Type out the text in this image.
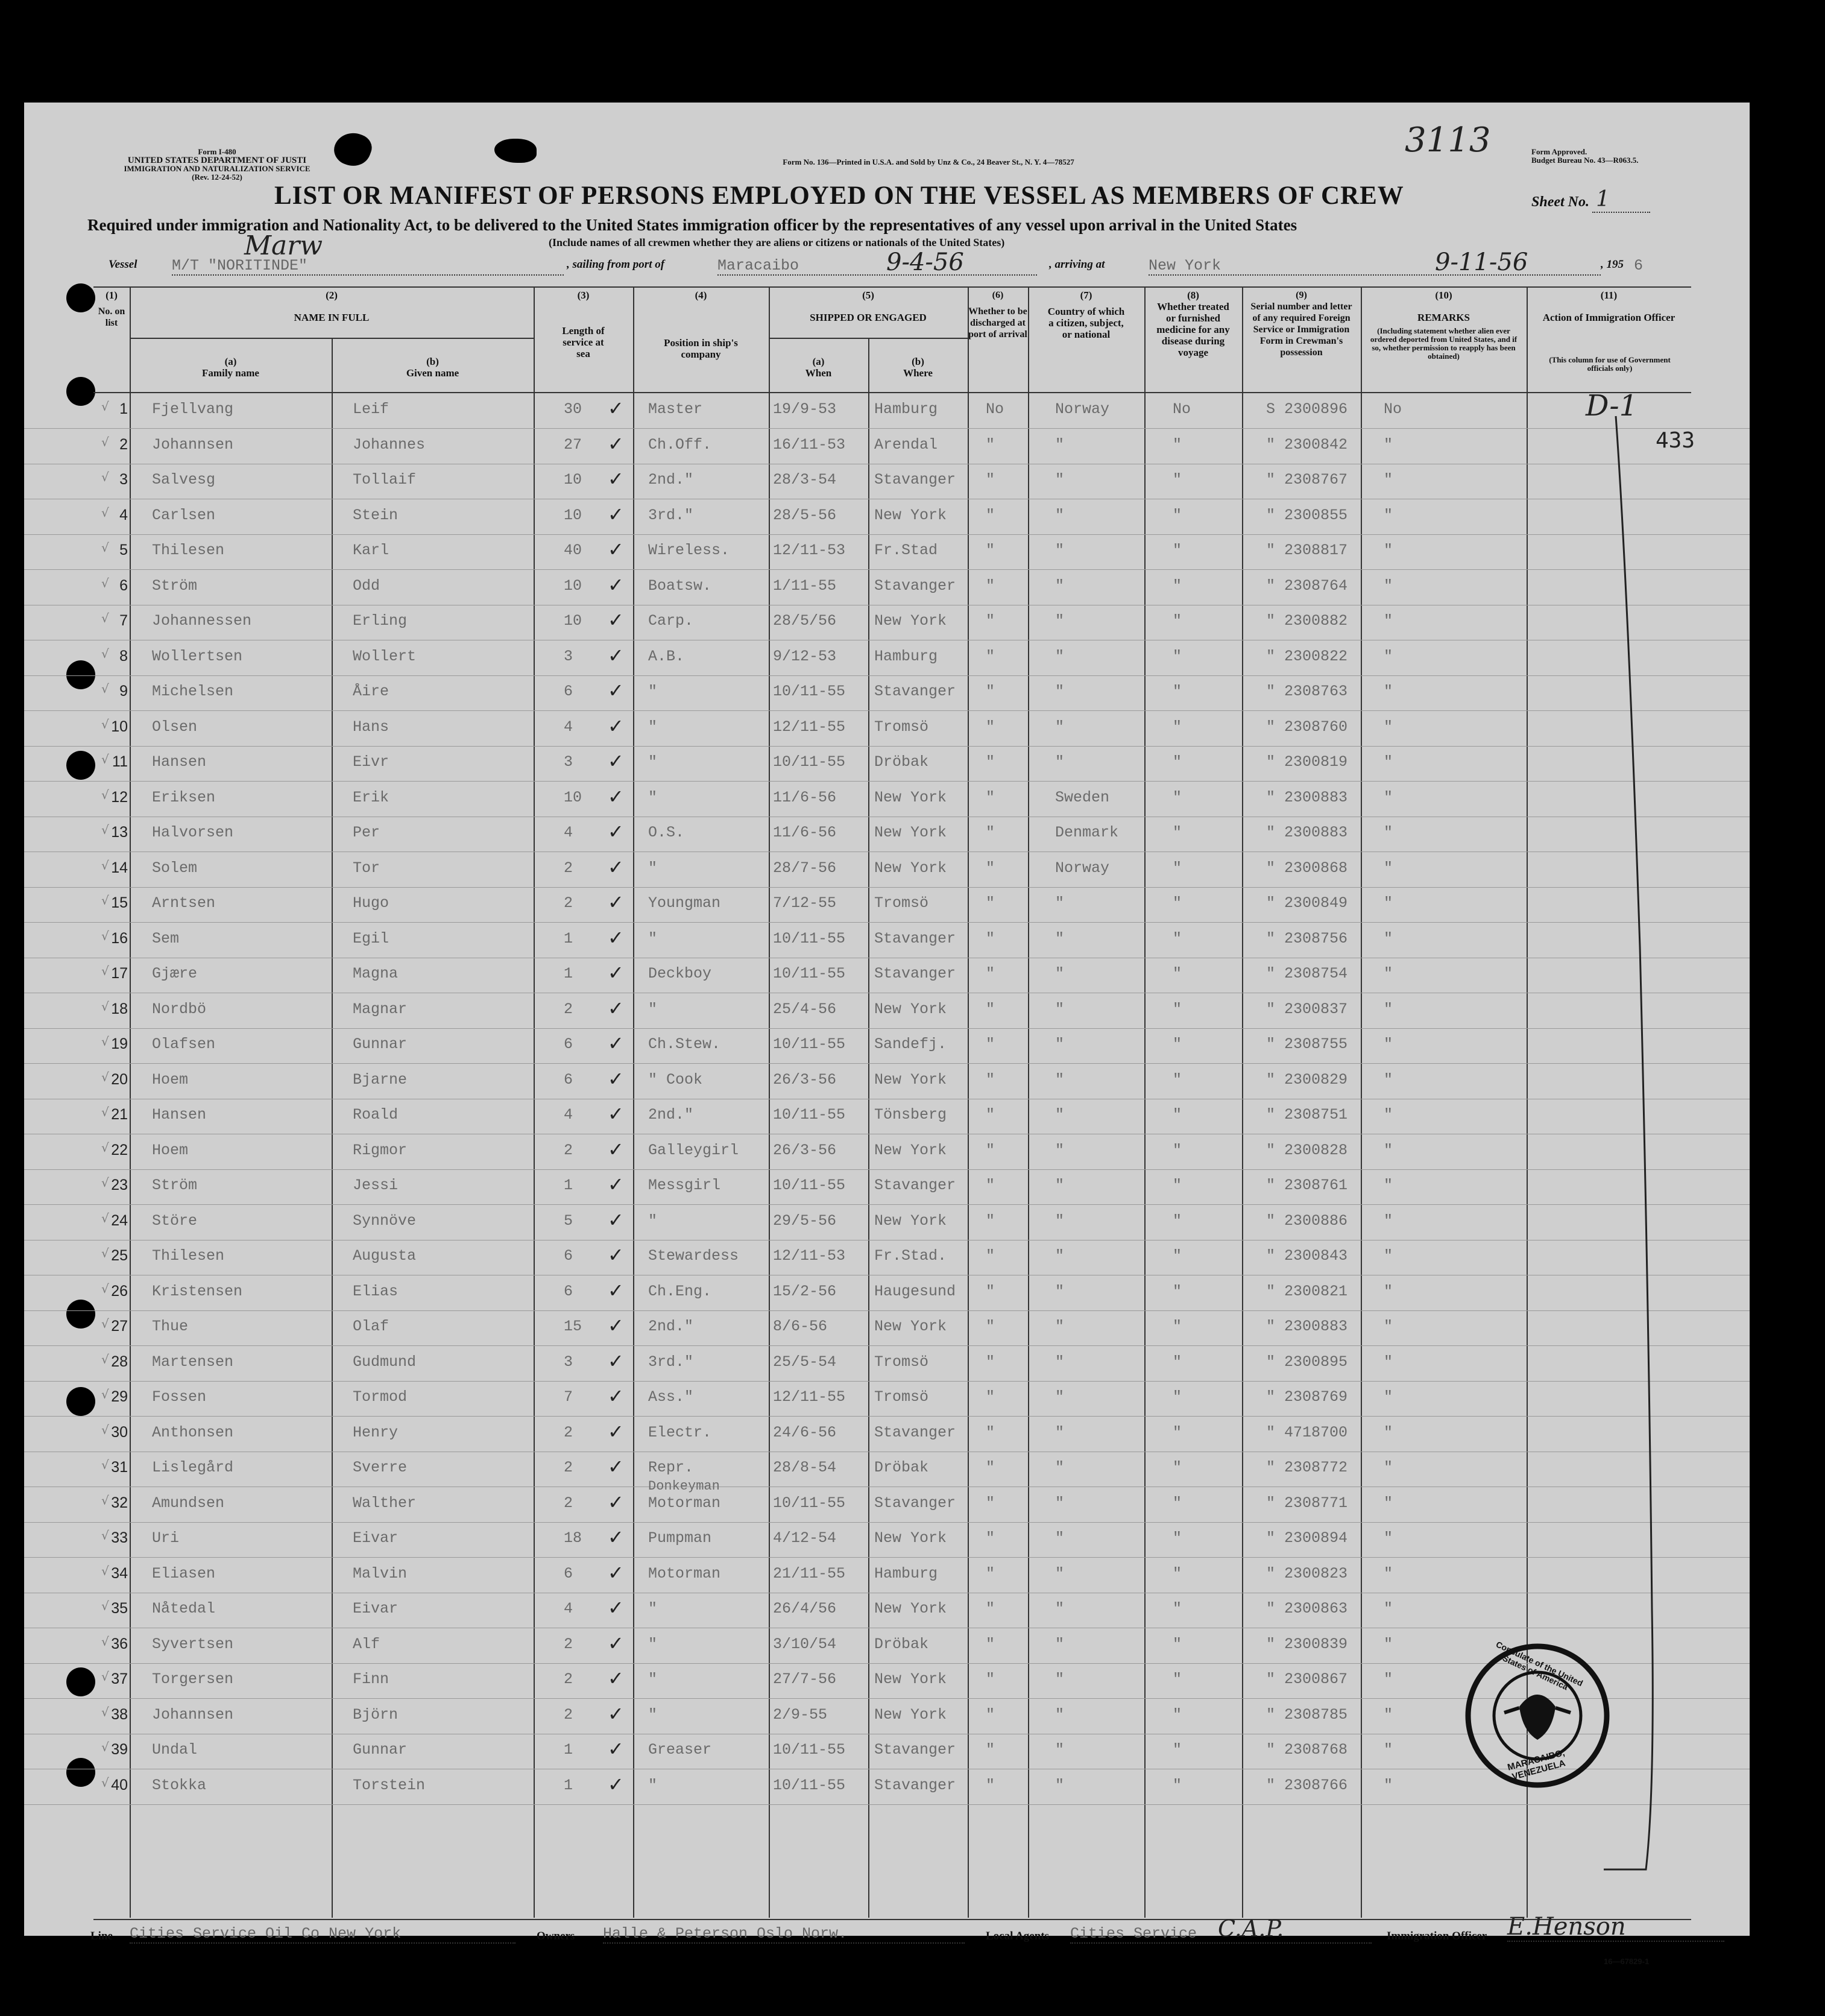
Form I-480
UNITED STATES DEPARTMENT OF JUSTI
IMMIGRATION AND NATURALIZATION SERVICE
(Rev. 12-24-52)
Form No. 136—Printed in U.S.A. and Sold by Unz & Co., 24 Beaver St., N. Y. 4—78527
3113	Form Approved.
Budget Bureau No. 43—R063.5.
LIST OR MANIFEST OF PERSONS EMPLOYED ON THE VESSEL AS MEMBERS OF CREW	Sheet No. 1
Required under immigration and Nationality Act, to be delivered to the United States immigration officer by the representatives of any vessel upon arrival in the United States
(Include names of all crewmen whether they are aliens or citizens or nationals of the United States)
Vessel
Marw
M/T "NORITINDE"	, sailing from port of	Maracaibo	9-4-56	, arriving at	New York	9-11-56	, 195 6
(1)
No. on list
(2)
NAME IN FULL
(a)
Family name
(b)
Given name
(3)
Length of service at sea
(4)
Position in ship's company
(5)
SHIPPED OR ENGAGED
(a)
When
(b)
Where
(6)
Whether to be discharged at port of arrival
(7)
Country of which a citizen, subject, or national
(8)
Whether treated or furnished medicine for any disease during voyage
(9)
Serial number and letter of any required Foreign Service or Immigration Form in Crewman's possession
(10)
REMARKS
(Including statement whether alien ever ordered deported from United States, and if so, whether permission to reapply has been obtained)
(11)
Action of Immigration Officer
(This column for use of Government officials only)
1
√	Fjellvang	Leif	30	Master	19/9-53	Hamburg	No	Norway	No	S 2300896	No
✓
2
√	Johannsen	Johannes	27	Ch.Off.	16/11-53	Arendal	"	"	"	" 2300842	"
✓
3
√	Salvesg	Tollaif	10	2nd."	28/3-54	Stavanger	"	"	"	" 2308767	"
✓
4
√	Carlsen	Stein	10	3rd."	28/5-56	New York	"	"	"	" 2300855	"
✓
5
√	Thilesen	Karl	40	Wireless.	12/11-53	Fr.Stad	"	"	"	" 2308817	"
✓
6
√	Ström	Odd	10	Boatsw.	1/11-55	Stavanger	"	"	"	" 2308764	"
✓
7
√	Johannessen	Erling	10	Carp.	28/5/56	New York	"	"	"	" 2300882	"
✓
8
√	Wollertsen	Wollert	3	A.B.	9/12-53	Hamburg	"	"	"	" 2300822	"
✓
9
√	Michelsen	Åire	6	"	10/11-55	Stavanger	"	"	"	" 2308763	"
✓
10
√	Olsen	Hans	4	"	12/11-55	Tromsö	"	"	"	" 2308760	"
✓
11
√	Hansen	Eivr	3	"	10/11-55	Dröbak	"	"	"	" 2300819	"
✓
12
√	Eriksen	Erik	10	"	11/6-56	New York	"	Sweden	"	" 2300883	"
✓
13
√	Halvorsen	Per	4	O.S.	11/6-56	New York	"	Denmark	"	" 2300883	"
✓
14
√	Solem	Tor	2	"	28/7-56	New York	"	Norway	"	" 2300868	"
✓
15
√	Arntsen	Hugo	2	Youngman	7/12-55	Tromsö	"	"	"	" 2300849	"
✓
16
√	Sem	Egil	1	"	10/11-55	Stavanger	"	"	"	" 2308756	"
✓
17
√	Gjære	Magna	1	Deckboy	10/11-55	Stavanger	"	"	"	" 2308754	"
✓
18
√	Nordbö	Magnar	2	"	25/4-56	New York	"	"	"	" 2300837	"
✓
19
√	Olafsen	Gunnar	6	Ch.Stew.	10/11-55	Sandefj.	"	"	"	" 2308755	"
✓
20
√	Hoem	Bjarne	6	" Cook	26/3-56	New York	"	"	"	" 2300829	"
✓
21
√	Hansen	Roald	4	2nd."	10/11-55	Tönsberg	"	"	"	" 2308751	"
✓
22
√	Hoem	Rigmor	2	Galleygirl	26/3-56	New York	"	"	"	" 2300828	"
✓
23
√	Ström	Jessi	1	Messgirl	10/11-55	Stavanger	"	"	"	" 2308761	"
✓
24
√	Störe	Synnöve	5	"	29/5-56	New York	"	"	"	" 2300886	"
✓
25
√	Thilesen	Augusta	6	Stewardess	12/11-53	Fr.Stad.	"	"	"	" 2300843	"
✓
26
√	Kristensen	Elias	6	Ch.Eng.	15/2-56	Haugesund	"	"	"	" 2300821	"
✓
27
√	Thue	Olaf	15	2nd."	8/6-56	New York	"	"	"	" 2300883	"
✓
28
√	Martensen	Gudmund	3	3rd."	25/5-54	Tromsö	"	"	"	" 2300895	"
✓
29
√	Fossen	Tormod	7	Ass."	12/11-55	Tromsö	"	"	"	" 2308769	"
✓
30
√	Anthonsen	Henry	2	Electr.	24/6-56	Stavanger	"	"	"	" 4718700	"
✓
31
√	Lislegård	Sverre	2	Repr.	28/8-54	Dröbak	"	"	"	" 2308772	"
✓
32
√	Amundsen	Walther	2	Motorman	10/11-55	Stavanger	"	"	"	" 2308771	"
Donkeyman
✓
33
√	Uri	Eivar	18	Pumpman	4/12-54	New York	"	"	"	" 2300894	"
✓
34
√	Eliasen	Malvin	6	Motorman	21/11-55	Hamburg	"	"	"	" 2300823	"
✓
35
√	Nåtedal	Eivar	4	"	26/4/56	New York	"	"	"	" 2300863	"
✓
36
√	Syvertsen	Alf	2	"	3/10/54	Dröbak	"	"	"	" 2300839	"
✓
37
√	Torgersen	Finn	2	"	27/7-56	New York	"	"	"	" 2300867	"
✓
38
√	Johannsen	Björn	2	"	2/9-55	New York	"	"	"	" 2308785	"
✓
39
√	Undal	Gunnar	1	Greaser	10/11-55	Stavanger	"	"	"	" 2308768	"
✓
40
√	Stokka	Torstein	1	"	10/11-55	Stavanger	"	"	"	" 2308766	"
✓
D-1
433
Consulate of the United States of America
MARACAIBO, VENEZUELA
Line Cities Service Oil Co New York	Owners Halle & Peterson Oslo Norw.	Local Agents Cities Service C.A.P.	Immigration Officer E.Henson
16—67829-1
